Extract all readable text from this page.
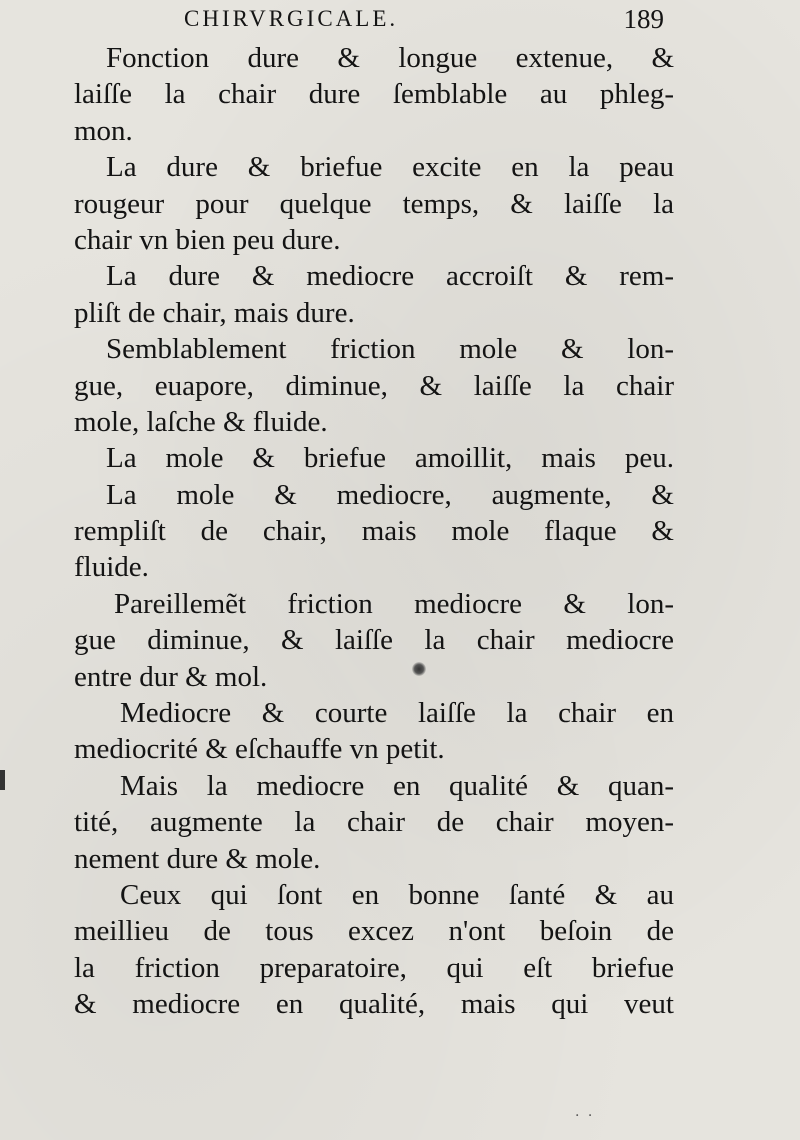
CHIRVRGICALE.	189
Fonction dure & longue extenue, &
laiſſe la chair dure ſemblable au phleg-
mon.
La dure & briefue excite en la peau
rougeur pour quelque temps, & laiſſe la
chair vn bien peu dure.
La dure & mediocre accroiſt & rem-
pliſt de chair, mais dure.
Semblablement friction mole & lon-
gue, euapore, diminue, & laiſſe la chair
mole, laſche & fluide.
La mole & briefue amoillit, mais peu.
La mole & mediocre, augmente, &
rempliſt de chair, mais mole flaque &
fluide.
Pareillemẽt friction mediocre & lon-
gue diminue, & laiſſe la chair mediocre
entre dur & mol.
Mediocre & courte laiſſe la chair en
mediocrité & eſchauffe vn petit.
Mais la mediocre en qualité & quan-
tité, augmente la chair de chair moyen-
nement dure & mole.
Ceux qui ſont en bonne ſanté & au
meillieu de tous excez n'ont beſoin de
la friction preparatoire, qui eſt briefue
& mediocre en qualité, mais qui veut
· ·
